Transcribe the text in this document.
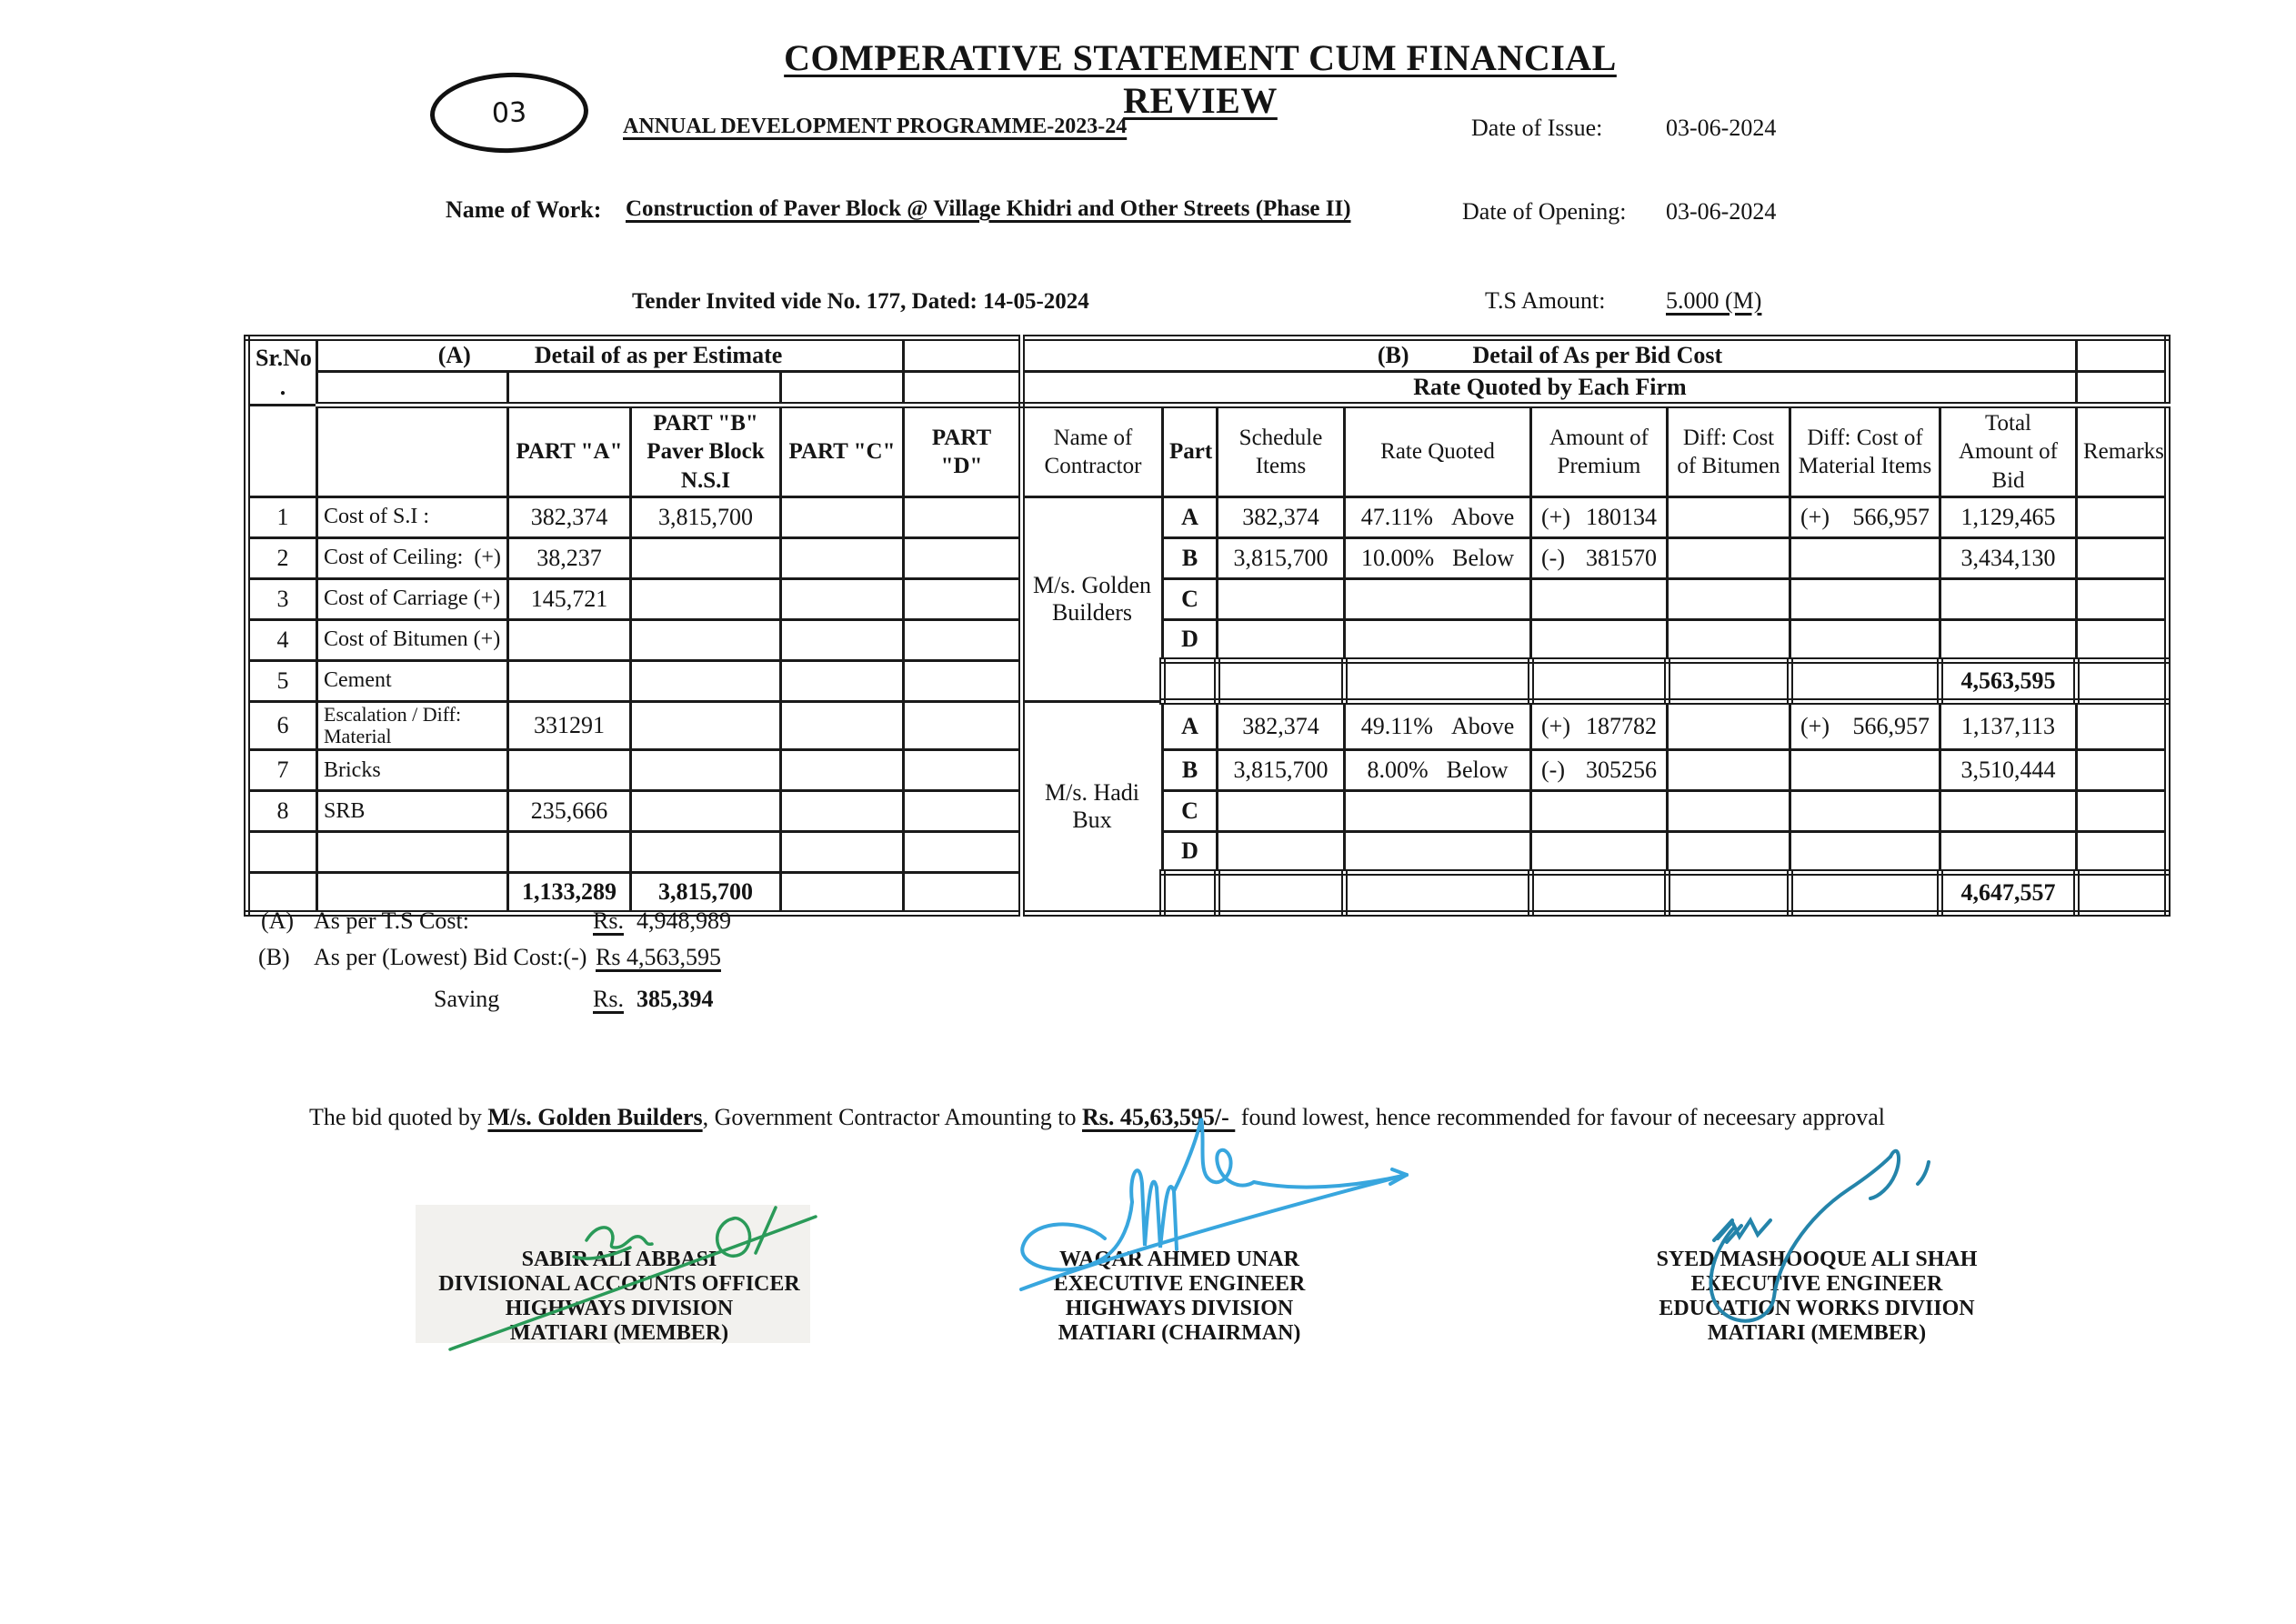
COMPERATIVE STATEMENT CUM FINANCIAL REVIEW
03	ANNUAL DEVELOPMENT PROGRAMME-2023-24	Date of Issue:	03-06-2024
Name of Work: Construction of Paver Block @ Village Khidri and Other Streets (Phase II)	Date of Opening: 03-06-2024
Tender Invited vide No. 177, Dated: 14-05-2024	T.S Amount:	5.000 (M)
Sr.No
.

(A)	Detail of as per Estimate		(B)	Detail of As per Bid Cost

						Rate Quoted by Each Firm								
		PART "A"	PART "B" Paver Block N.S.I	PART "C"	PART "D"	Name of Contractor	Part	Schedule Items	Rate Quoted	Amount of Premium	Diff: Cost of Bitumen	Diff: Cost of Material Items	Total Amount of Bid	Remarks
1	Cost of S.I :	382,374	3,815,700			M/s. Golden Builders	A	382,374	47.11% Above	(+) 180134		(+) 566,957	1,129,465	
2	Cost of Ceiling:  (+)	38,237					B	3,815,700	10.00% Below	(-) 381570			3,434,130	
3	Cost of Carriage (+)	145,721					C							
4	Cost of Bitumen (+)						D							
5	Cement												4,563,595	
6	Escalation / Diff: Material	331291				M/s. Hadi Bux	A	382,374	49.11% Above	(+) 187782		(+) 566,957	1,137,113	
7	Bricks						B	3,815,700	8.00% Below	(-) 305256			3,510,444	
8	SRB	235,666					C							
							D							
		1,133,289	3,815,700										4,647,557	
(A) As per T.S Cost:	Rs. 4,948,989
(B) As per (Lowest) Bid Cost:(-) Rs 4,563,595
Saving	Rs. 385,394
The bid quoted by M/s. Golden Builders, Government Contractor Amounting to Rs. 45,63,595/-  found lowest, hence recommended for favour of neceesary approval
SABIR ALI ABBASI
DIVISIONAL ACCOUNTS OFFICER
HIGHWAYS DIVISION
MATIARI (MEMBER)
WAQAR AHMED UNAR
EXECUTIVE ENGINEER
HIGHWAYS DIVISION
MATIARI (CHAIRMAN)
SYED MASHOOQUE ALI SHAH
EXECUTIVE ENGINEER
EDUCATION WORKS DIVIION
MATIARI (MEMBER)
